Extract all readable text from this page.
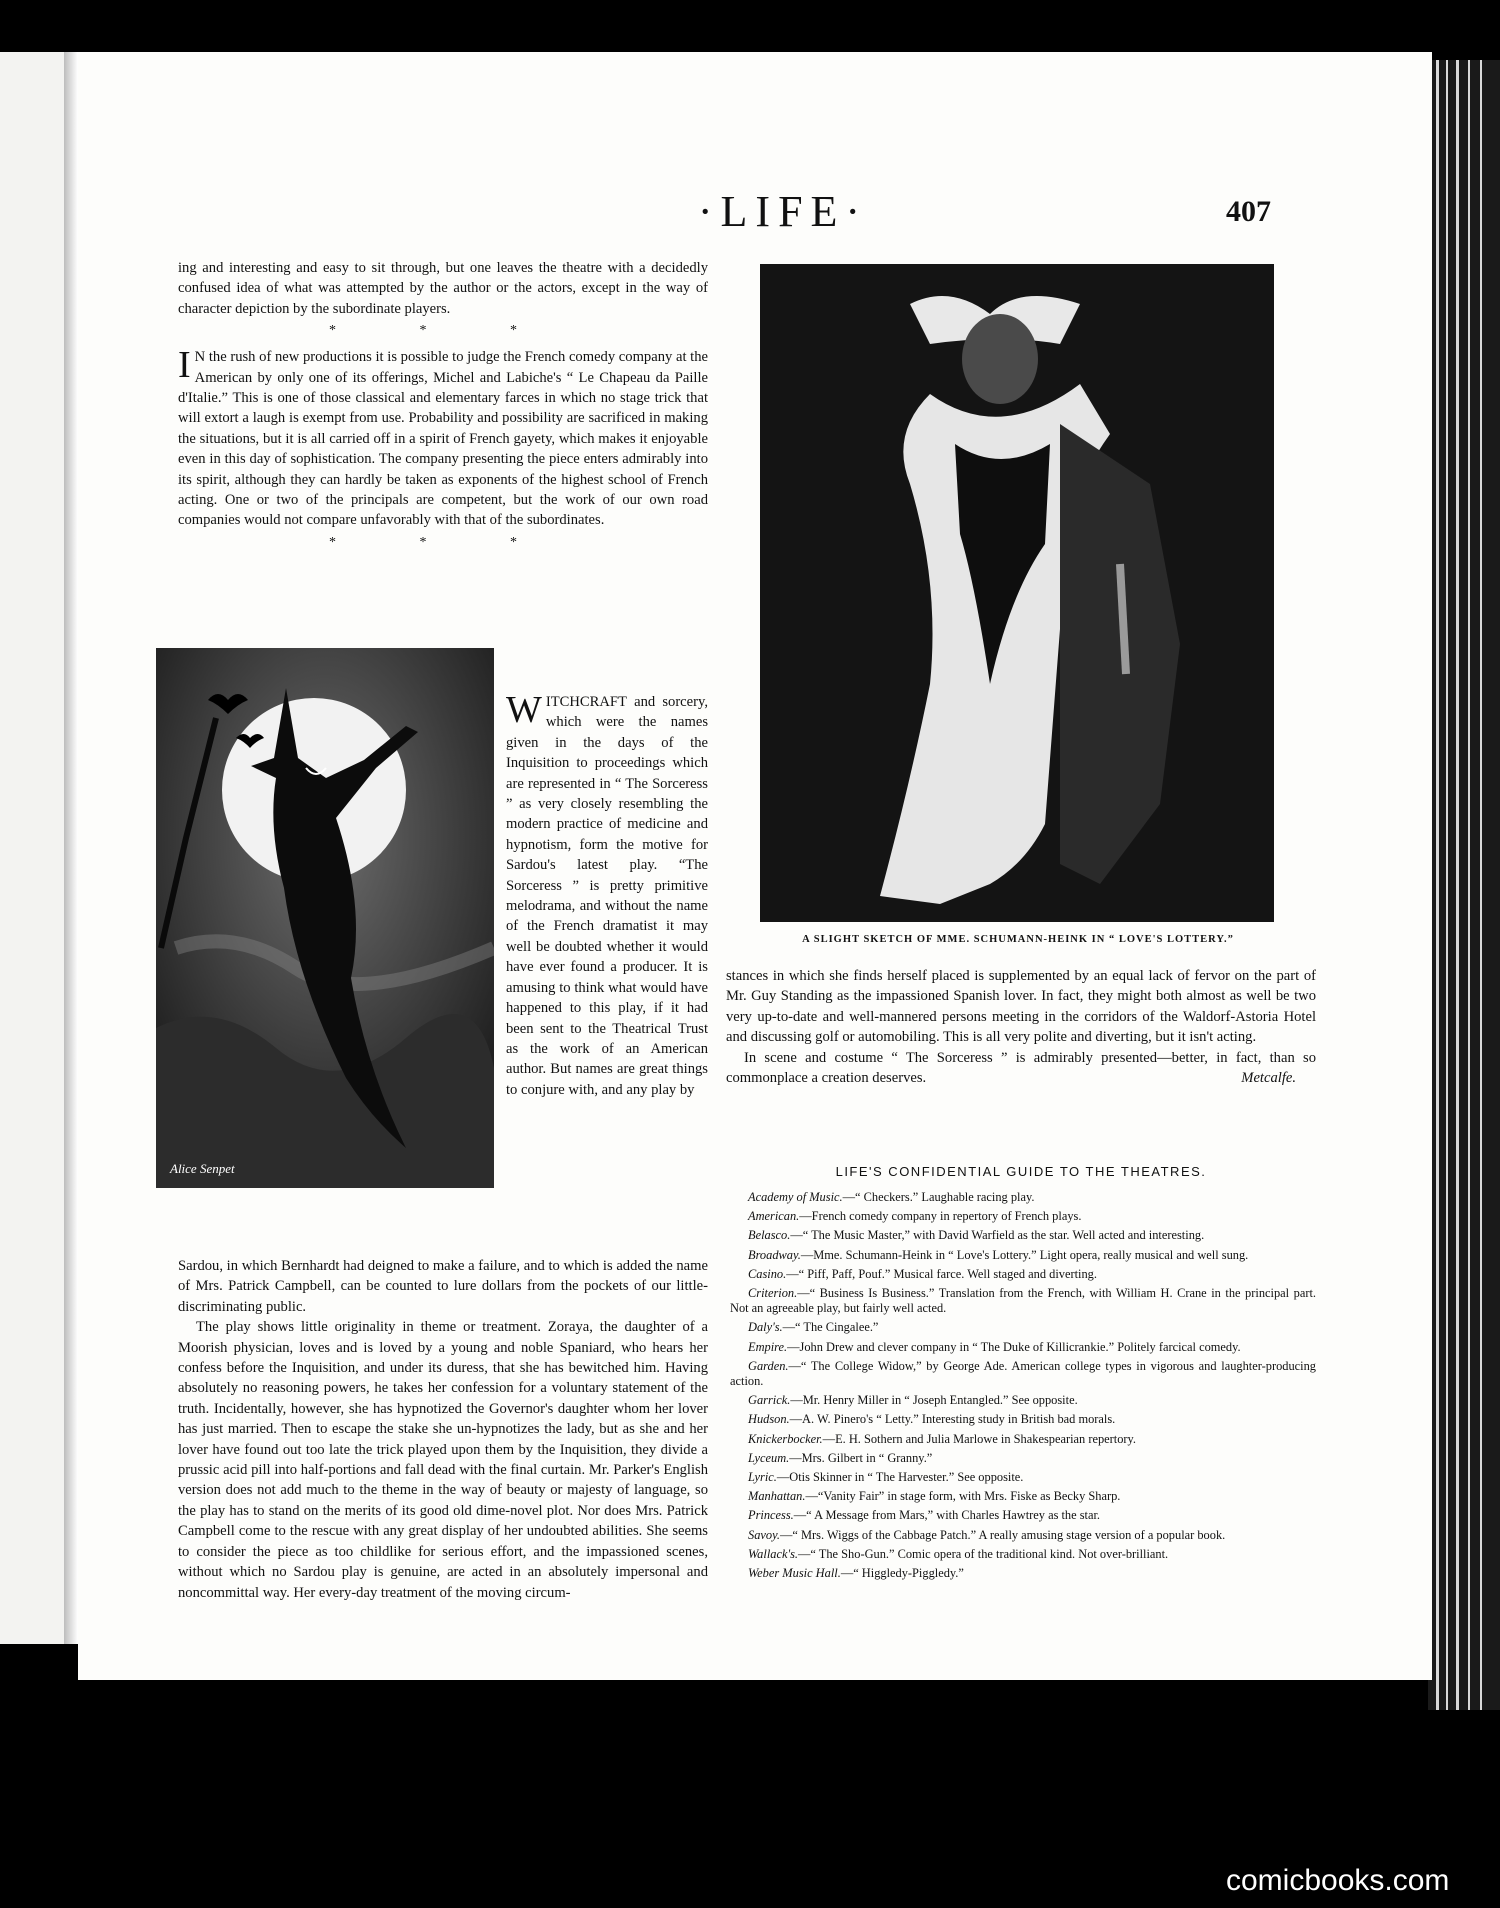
·LIFE·	407

ing and interesting and easy to sit through, but one leaves the theatre with a decidedly confused idea of what was attempted by the author or the actors, except in the way of character depiction by the subordinate players.

* * *

I N the rush of new productions it is possible to judge the French comedy company at the American by only one of its offerings, Michel and Labiche's “ Le Chapeau da Paille d'Italie.” This is one of those classical and elementary farces in which no stage trick that will extort a laugh is exempt from use. Probability and possibility are sacrificed in making the situations, but it is all carried off in a spirit of French gayety, which makes it enjoyable even in this day of sophistication. The company presenting the piece enters admirably into its spirit, although they can hardly be taken as exponents of the highest school of French acting. One or two of the principals are competent, but the work of our own road companies would not compare unfavorably with that of the subordinates.

* * *
Alice Senpet

WITCHCRAFT and sorcery, which were the names given in the days of the Inquisition to proceedings which are represented in “ The Sorceress ” as very closely resembling the modern practice of medicine and hypnotism, form the motive for Sardou's latest play. “The Sorceress ” is pretty primitive melodrama, and without the name of the French dramatist it may well be doubted whether it would have ever found a producer. It is amusing to think what would have happened to this play, if it had been sent to the Theatrical Trust as the work of an American author. But names are great things to conjure with, and any play by

Sardou, in which Bernhardt had deigned to make a failure, and to which is added the name of Mrs. Patrick Campbell, can be counted to lure dollars from the pockets of our little-discriminating public.

The play shows little originality in theme or treatment. Zoraya, the daughter of a Moorish physician, loves and is loved by a young and noble Spaniard, who hears her confess before the Inquisition, and under its duress, that she has bewitched him. Having absolutely no reasoning powers, he takes her confession for a voluntary statement of the truth. Incidentally, however, she has hypnotized the Governor's daughter whom her lover has just married. Then to escape the stake she un-hypnotizes the lady, but as she and her lover have found out too late the trick played upon them by the Inquisition, they divide a prussic acid pill into half-portions and fall dead with the final curtain. Mr. Parker's English version does not add much to the theme in the way of beauty or majesty of language, so the play has to stand on the merits of its good old dime-novel plot. Nor does Mrs. Patrick Campbell come to the rescue with any great display of her undoubted abilities. She seems to consider the piece as too childlike for serious effort, and the impassioned scenes, without which no Sardou play is genuine, are acted in an absolutely impersonal and noncommittal way. Her every-day treatment of the moving circum-

A SLIGHT SKETCH OF MME. SCHUMANN-HEINK IN “ LOVE'S LOTTERY.”

stances in which she finds herself placed is supplemented by an equal lack of fervor on the part of Mr. Guy Standing as the impassioned Spanish lover. In fact, they might both almost as well be two very up-to-date and well-mannered persons meeting in the corridors of the Waldorf-Astoria Hotel and discussing golf or automobiling. This is all very polite and diverting, but it isn't acting.

In scene and costume “ The Sorceress ” is admirably presented—better, in fact, than so commonplace a creation deserves.	Metcalfe.

LIFE'S CONFIDENTIAL GUIDE TO THE THEATRES.

Academy of Music.—“ Checkers.” Laughable racing play.

American.—French comedy company in repertory of French plays.

Belasco.—“ The Music Master,” with David Warfield as the star. Well acted and interesting.

Broadway.—Mme. Schumann-Heink in “ Love's Lottery.” Light opera, really musical and well sung.

Casino.—“ Piff, Paff, Pouf.” Musical farce. Well staged and diverting.

Criterion.—“ Business Is Business.” Translation from the French, with William H. Crane in the principal part. Not an agreeable play, but fairly well acted.

Daly's.—“ The Cingalee.”

Empire.—John Drew and clever company in “ The Duke of Killicrankie.” Politely farcical comedy.

Garden.—“ The College Widow,” by George Ade. American college types in vigorous and laughter-producing action.

Garrick.—Mr. Henry Miller in “ Joseph Entangled.” See opposite.

Hudson.—A. W. Pinero's “ Letty.” Interesting study in British bad morals.

Knickerbocker.—E. H. Sothern and Julia Marlowe in Shakespearian repertory.

Lyceum.—Mrs. Gilbert in “ Granny.”

Lyric.—Otis Skinner in “ The Harvester.” See opposite.

Manhattan.—“Vanity Fair” in stage form, with Mrs. Fiske as Becky Sharp.

Princess.—“ A Message from Mars,” with Charles Hawtrey as the star.

Savoy.—“ Mrs. Wiggs of the Cabbage Patch.” A really amusing stage version of a popular book.

Wallack's.—“ The Sho-Gun.” Comic opera of the traditional kind. Not over-brilliant.

Weber Music Hall.—“ Higgledy-Piggledy.”

comicbooks.com
